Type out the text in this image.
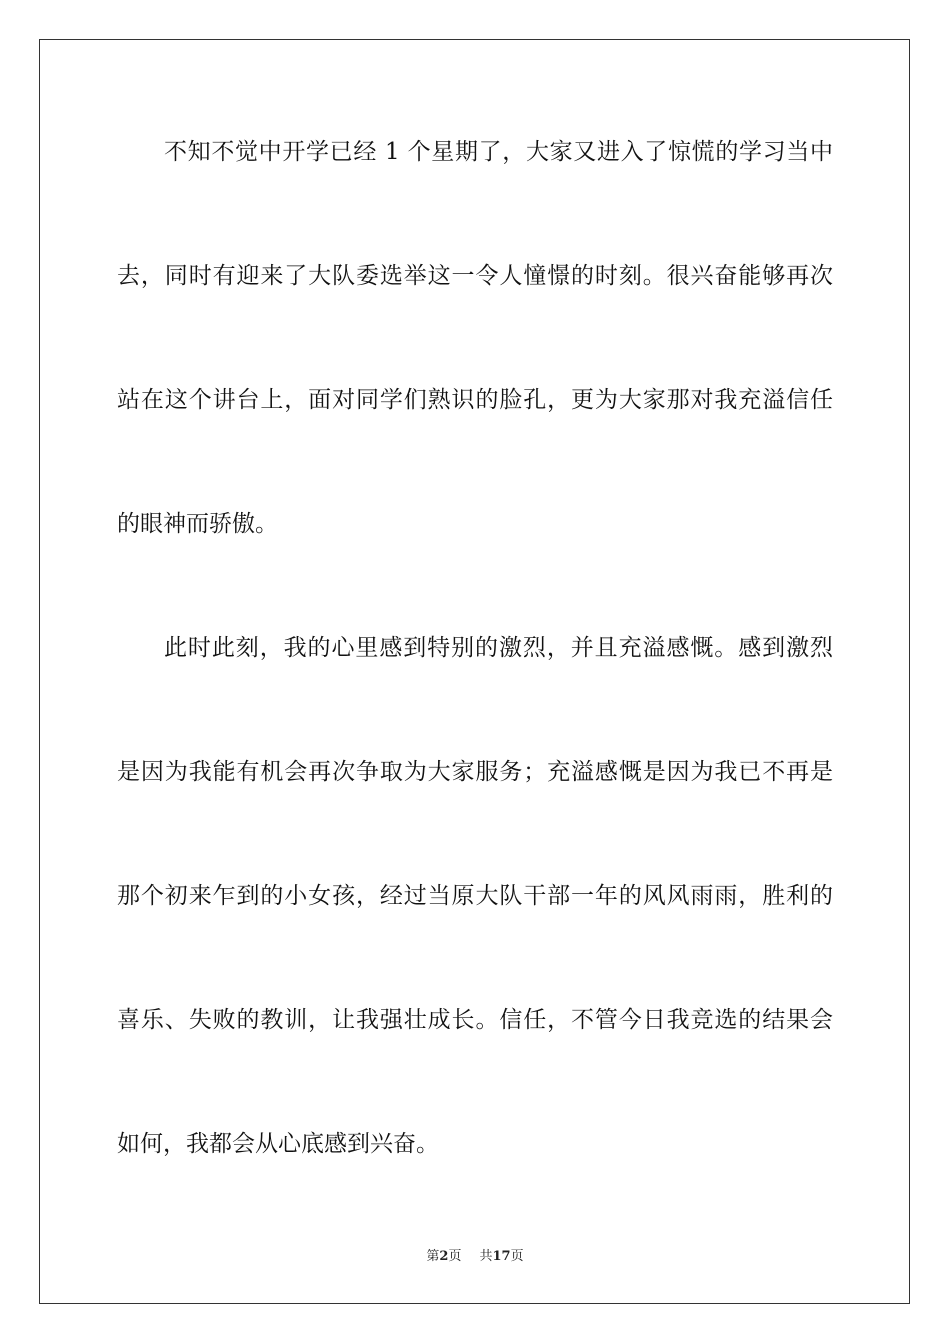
不知不觉中开学已经 1 个星期了，大家又进入了惊慌的学习当中
去，同时有迎来了大队委选举这一令人憧憬的时刻。很兴奋能够再次
站在这个讲台上，面对同学们熟识的脸孔，更为大家那对我充溢信任
的眼神而骄傲。
此时此刻，我的心里感到特别的激烈，并且充溢感慨。感到激烈
是因为我能有机会再次争取为大家服务；充溢感慨是因为我已不再是
那个初来乍到的小女孩，经过当原大队干部一年的风风雨雨，胜利的
喜乐、失败的教训，让我强壮成长。信任，不管今日我竞选的结果会
如何，我都会从心底感到兴奋。
第2页 共17页
